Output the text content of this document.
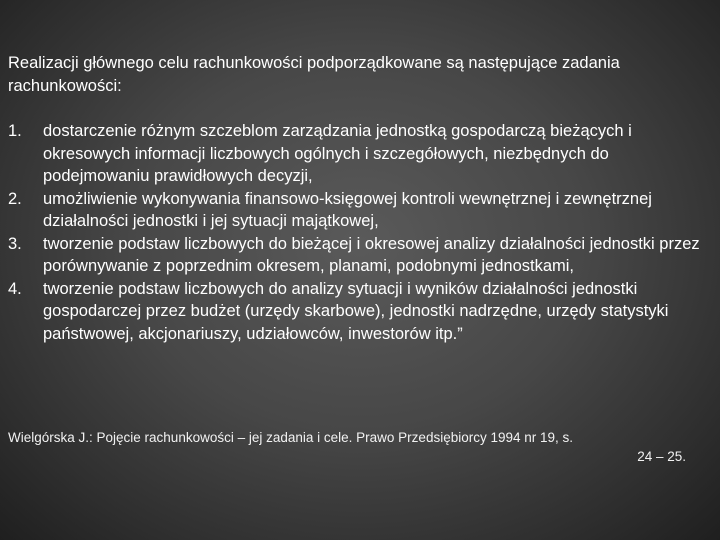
Realizacji głównego celu rachunkowości podporządkowane są następujące zadania rachunkowości:

1. dostarczenie różnym szczeblom zarządzania jednostką gospodarczą bieżących i okresowych informacji liczbowych ogólnych i szczegółowych, niezbędnych do podejmowaniu prawidłowych decyzji,
2. umożliwienie wykonywania finansowo-księgowej kontroli wewnętrznej i zewnętrznej działalności jednostki i jej sytuacji majątkowej,
3. tworzenie podstaw liczbowych do bieżącej i okresowej analizy działalności jednostki przez porównywanie z poprzednim okresem, planami, podobnymi jednostkami,
4. tworzenie podstaw liczbowych do analizy sytuacji i wyników działalności jednostki gospodarczej przez budżet (urzędy skarbowe), jednostki nadrzędne, urzędy statystyki państwowej, akcjonariuszy, udziałowców, inwestorów itp.”

Wielgórska J.: Pojęcie rachunkowości – jej zadania i cele. Prawo Przedsiębiorcy 1994 nr 19, s.
24 – 25.
